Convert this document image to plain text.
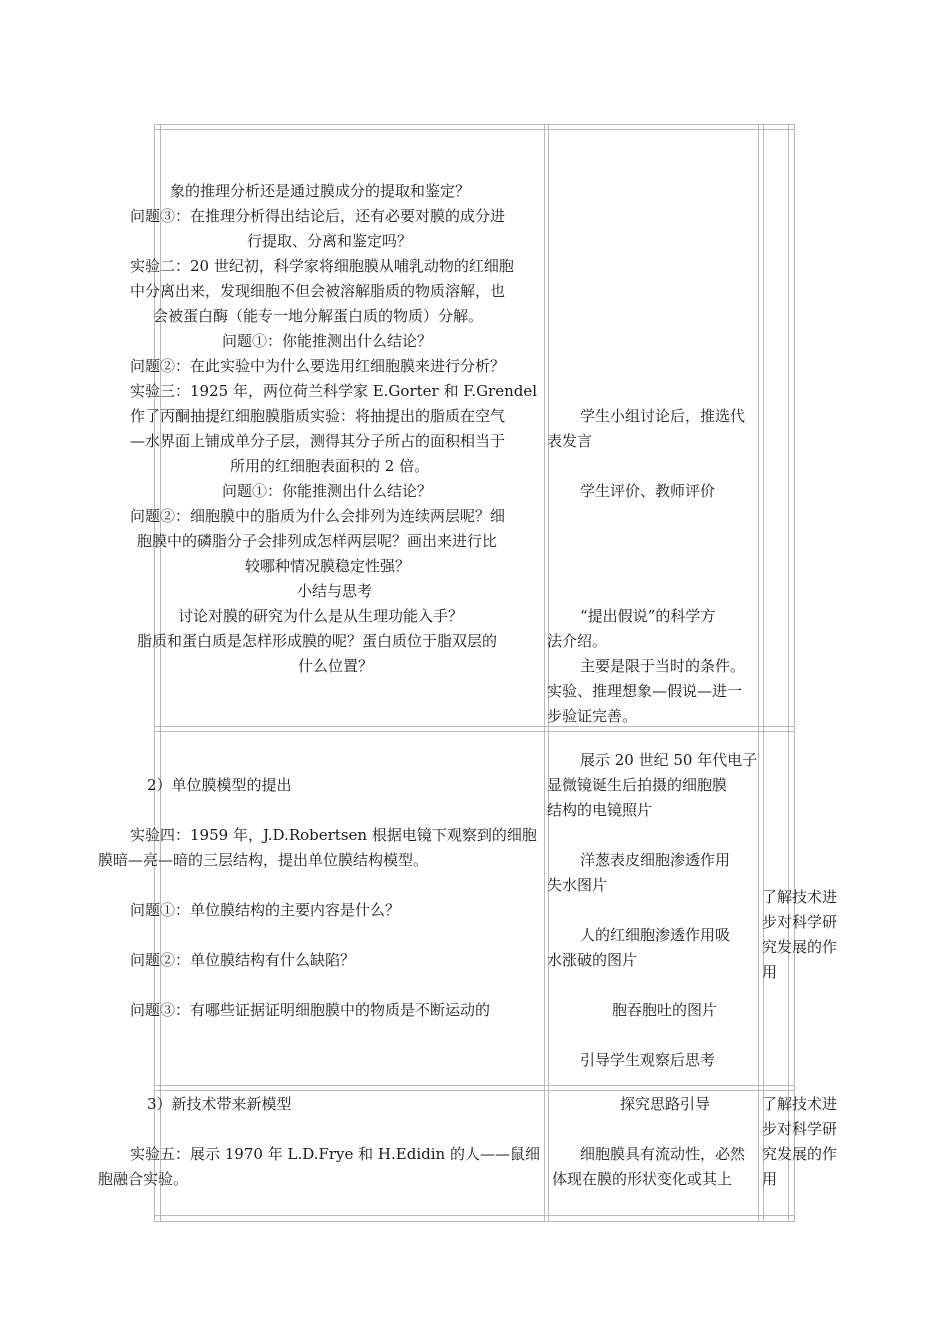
象的推理分析还是通过膜成分的提取和鉴定？
问题③：在推理分析得出结论后，还有必要对膜的成分进
行提取、分离和鉴定吗？
实验二：20 世纪初，科学家将细胞膜从哺乳动物的红细胞
中分离出来，发现细胞不但会被溶解脂质的物质溶解，也
会被蛋白酶（能专一地分解蛋白质的物质）分解。
问题①：你能推测出什么结论？
问题②：在此实验中为什么要选用红细胞膜来进行分析？
实验三：1925 年，两位荷兰科学家 E.Gorter 和 F.Grendel
作了丙酮抽提红细胞膜脂质实验：将抽提出的脂质在空气
—水界面上铺成单分子层，测得其分子所占的面积相当于
所用的红细胞表面积的 2 倍。
问题①：你能推测出什么结论？
问题②：细胞膜中的脂质为什么会排列为连续两层呢？细
胞膜中的磷脂分子会排列成怎样两层呢？画出来进行比
较哪种情况膜稳定性强？
小结与思考
讨论对膜的研究为什么是从生理功能入手？
脂质和蛋白质是怎样形成膜的呢？蛋白质位于脂双层的
什么位置？
学生小组讨论后，推选代
表发言
学生评价、教师评价
“提出假说”的科学方
法介绍。
主要是限于当时的条件。
实验、推理想象—假说—进一
步验证完善。
2）单位膜模型的提出
实验四：1959 年，J.D.Robertsen 根据电镜下观察到的细胞
膜暗—亮—暗的三层结构，提出单位膜结构模型。
问题①：单位膜结构的主要内容是什么？
问题②：单位膜结构有什么缺陷？
问题③：有哪些证据证明细胞膜中的物质是不断运动的
展示 20 世纪 50 年代电子
显微镜诞生后拍摄的细胞膜
结构的电镜照片
洋葱表皮细胞渗透作用
失水图片
人的红细胞渗透作用吸
水涨破的图片
胞吞胞吐的图片
引导学生观察后思考
了解技术进
步对科学研
究发展的作
用
3）新技术带来新模型
实验五：展示 1970 年 L.D.Frye 和 H.Edidin 的人——鼠细
胞融合实验。
探究思路引导
细胞膜具有流动性，必然
体现在膜的形状变化或其上
了解技术进
步对科学研
究发展的作
用
